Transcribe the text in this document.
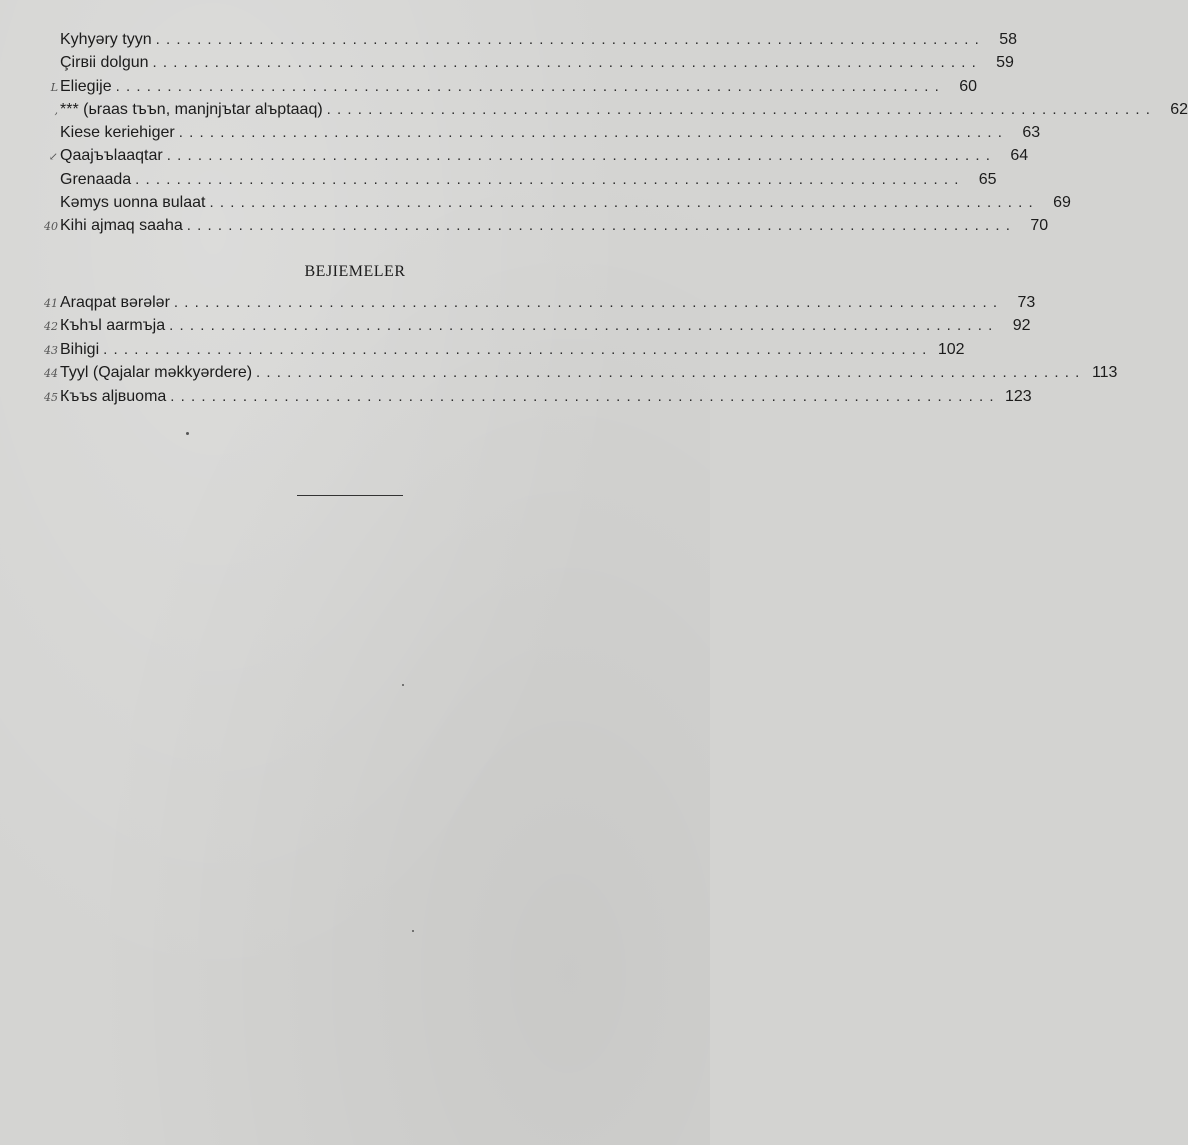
Kyhyəry tyyn ................................................................................ 58
Çirвii dolgun ................................................................................ 59
L Eliegije ................................................................................ 60
, *** (ьraas tъъn, manjnjъtar alъptaaq) ................................................................................ 62
Kiese keriehiger ................................................................................ 63
↙ Qaajъъlaaqtar ................................................................................ 64
Grenaada ................................................................................ 65
Kəmys uonna вulaat ................................................................................ 69
40 Kihi ajmaq saaha ................................................................................ 70
BEJIEMELER
41 Araqpat вərələr ................................................................................ 73
42 Къhъl aarmъja ................................................................................ 92
43 Bihigi ................................................................................ 102
44 Tyyl (Qajalar məkkyərdere) ................................................................................ 113
45 Къъs aljвuoma ................................................................................ 123
